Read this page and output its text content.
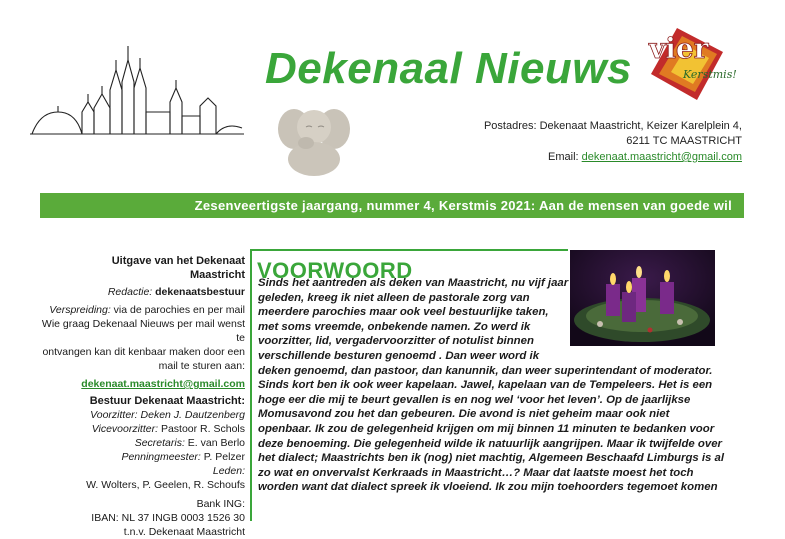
Dekenaal Nieuws vier
Kerstmis!
Postadres: Dekenaat Maastricht, Keizer Karelplein 4,
6211 TC MAASTRICHT
Email: dekenaat.maastricht@gmail.com
Zesenveertigste jaargang, nummer 4, Kerstmis 2021: Aan de mensen van goede wil
Uitgave van het Dekenaat
Maastricht
Redactie: dekenaatsbestuur
Verspreiding: via de parochies en per mail
Wie graag Dekenaal Nieuws per mail wenst te
ontvangen kan dit kenbaar maken door een
mail te sturen aan:
dekenaat.maastricht@gmail.com
Bestuur Dekenaat Maastricht:
Voorzitter: Deken J. Dautzenberg
Vicevoorzitter: Pastoor R. Schols
Secretaris: E. van Berlo
Penningmeester: P. Pelzer
Leden:
W. Wolters, P. Geelen, R. Schoufs
Bank ING:
IBAN: NL 37 INGB 0003 1526 30
t.n.v. Dekenaat Maastricht
VOORWOORD
Sinds het aantreden als deken van Maastricht, nu vijf jaar
geleden, kreeg ik niet alleen de pastorale zorg van
meerdere parochies maar ook veel bestuurlijke taken,
met soms vreemde, onbekende namen. Zo werd ik
voorzitter, lid, vergadervoorzitter of notulist binnen
verschillende besturen genoemd . Dan weer word ik
deken genoemd, dan pastoor, dan kanunnik, dan weer superintendant of moderator.
Sinds kort ben ik ook weer kapelaan. Jawel, kapelaan van de Tempeleers. Het is een
hoge eer die mij te beurt gevallen is en nog wel ‘voor het leven’. Op de jaarlijkse
Momusavond zou het dan gebeuren. Die avond is niet geheim maar ook niet
openbaar. Ik zou de gelegenheid krijgen om mij binnen 11 minuten te bedanken voor
deze benoeming. Die gelegenheid wilde ik natuurlijk aangrijpen. Maar ik twijfelde over
het dialect; Maastrichts ben ik (nog) niet machtig, Algemeen Beschaafd Limburgs is al
zo wat en onvervalst Kerkraads in Maastricht…? Maar dat laatste moest het toch
worden want dat dialect spreek ik vloeiend. Ik zou mijn toehoorders tegemoet komen
